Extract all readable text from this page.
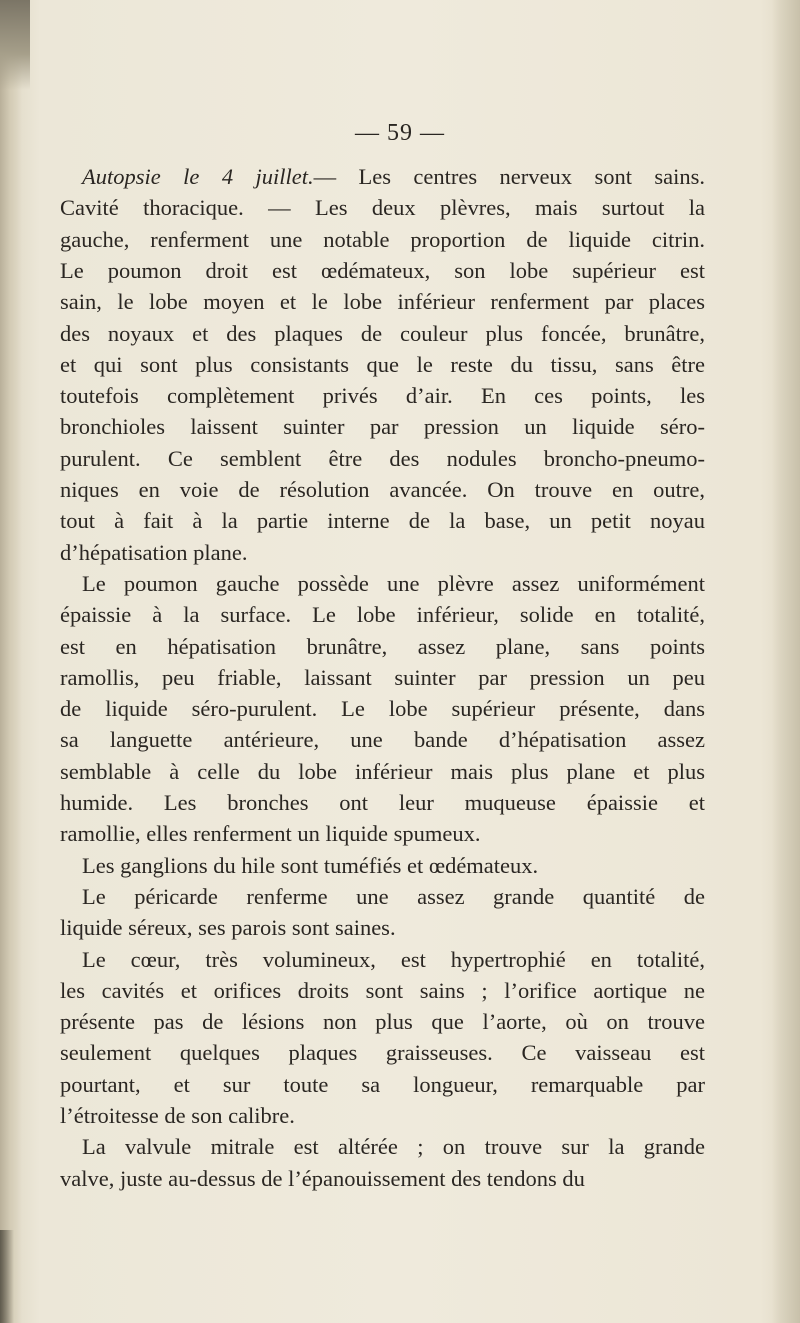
— 59 —
Autopsie le 4 juillet.— Les centres nerveux sont sains.
Cavité thoracique. — Les deux plèvres, mais surtout la
gauche, renferment une notable proportion de liquide citrin.
Le poumon droit est œdémateux, son lobe supérieur est
sain, le lobe moyen et le lobe inférieur renferment par places
des noyaux et des plaques de couleur plus foncée, brunâtre,
et qui sont plus consistants que le reste du tissu, sans être
toutefois complètement privés d’air. En ces points, les
bronchioles laissent suinter par pression un liquide séro-
purulent. Ce semblent être des nodules broncho-pneumo-
niques en voie de résolution avancée. On trouve en outre,
tout à fait à la partie interne de la base, un petit noyau
d’hépatisation plane.
Le poumon gauche possède une plèvre assez uniformément
épaissie à la surface. Le lobe inférieur, solide en totalité,
est en hépatisation brunâtre, assez plane, sans points
ramollis, peu friable, laissant suinter par pression un peu
de liquide séro-purulent. Le lobe supérieur présente, dans
sa languette antérieure, une bande d’hépatisation assez
semblable à celle du lobe inférieur mais plus plane et plus
humide. Les bronches ont leur muqueuse épaissie et
ramollie, elles renferment un liquide spumeux.
Les ganglions du hile sont tuméfiés et œdémateux.
Le péricarde renferme une assez grande quantité de
liquide séreux, ses parois sont saines.
Le cœur, très volumineux, est hypertrophié en totalité,
les cavités et orifices droits sont sains ; l’orifice aortique ne
présente pas de lésions non plus que l’aorte, où on trouve
seulement quelques plaques graisseuses. Ce vaisseau est
pourtant, et sur toute sa longueur, remarquable par
l’étroitesse de son calibre.
La valvule mitrale est altérée ; on trouve sur la grande
valve, juste au-dessus de l’épanouissement des tendons du
